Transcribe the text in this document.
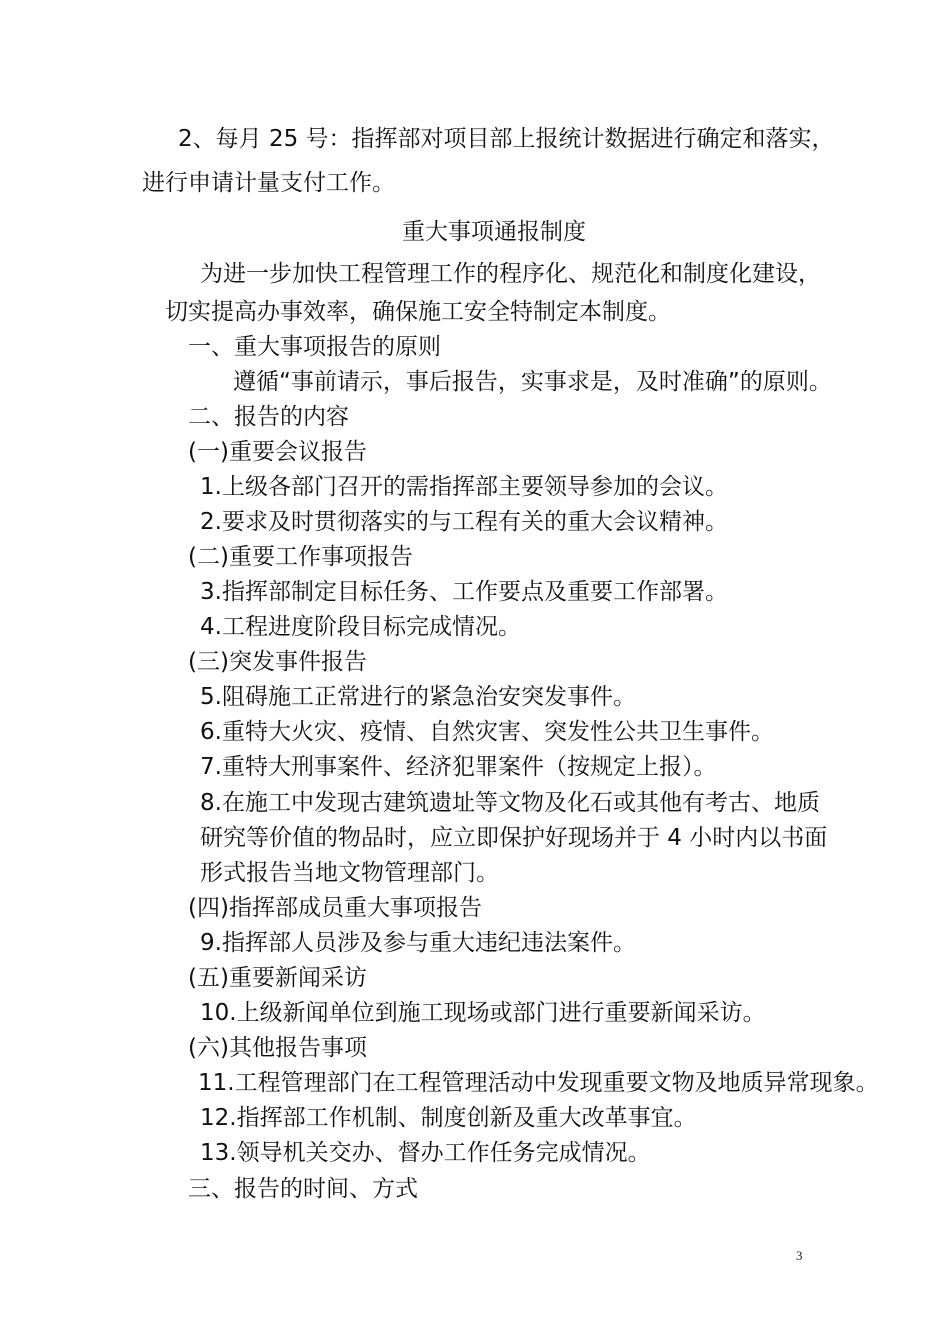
2、每月 25 号：指挥部对项目部上报统计数据进行确定和落实，
进行申请计量支付工作。
重大事项通报制度
为进一步加快工程管理工作的程序化、规范化和制度化建设，
切实提高办事效率，确保施工安全特制定本制度。
一、重大事项报告的原则
遵循“事前请示，事后报告，实事求是，及时准确”的原则。
二、报告的内容
(一)重要会议报告
1.上级各部门召开的需指挥部主要领导参加的会议。
2.要求及时贯彻落实的与工程有关的重大会议精神。
(二)重要工作事项报告
3.指挥部制定目标任务、工作要点及重要工作部署。
4.工程进度阶段目标完成情况。
(三)突发事件报告
5.阻碍施工正常进行的紧急治安突发事件。
6.重特大火灾、疫情、自然灾害、突发性公共卫生事件。
7.重特大刑事案件、经济犯罪案件（按规定上报）。
8.在施工中发现古建筑遗址等文物及化石或其他有考古、地质
研究等价值的物品时，应立即保护好现场并于 4 小时内以书面
形式报告当地文物管理部门。
(四)指挥部成员重大事项报告
9.指挥部人员涉及参与重大违纪违法案件。
(五)重要新闻采访
10.上级新闻单位到施工现场或部门进行重要新闻采访。
(六)其他报告事项
11.工程管理部门在工程管理活动中发现重要文物及地质异常现象。
12.指挥部工作机制、制度创新及重大改革事宜。
13.领导机关交办、督办工作任务完成情况。
三、报告的时间、方式
3
